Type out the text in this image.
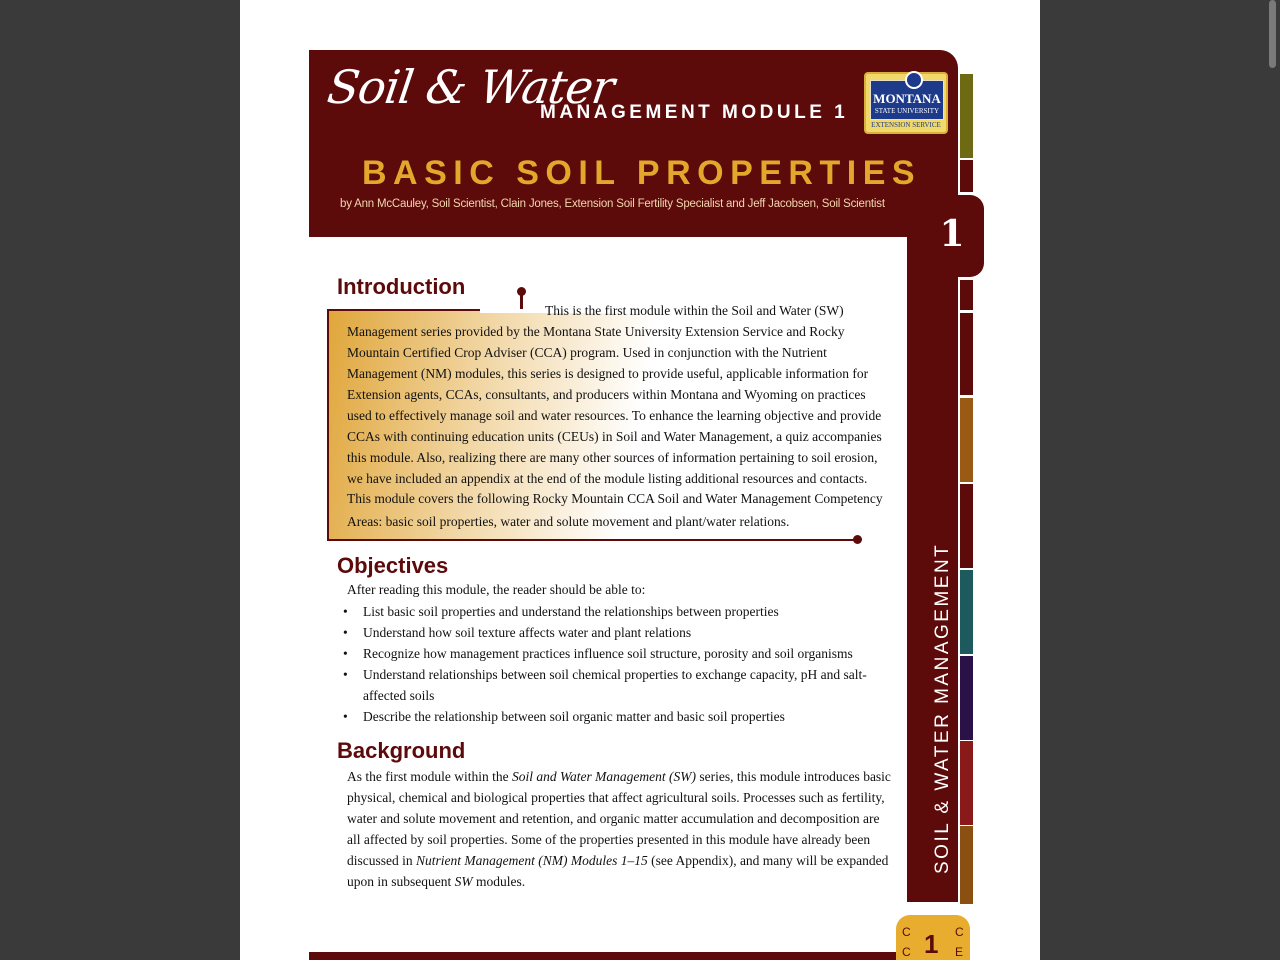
Soil & Water
MANAGEMENT MODULE 1
BASIC SOIL PROPERTIES
by Ann McCauley, Soil Scientist, Clain Jones, Extension Soil Fertility Specialist and Jeff Jacobsen, Soil Scientist
MONTANA
STATE UNIVERSITY
EXTENSION SERVICE
SOIL & WATER MANAGEMENT
1
Introduction
This is the first module within the Soil and Water (SW)
Management series provided by the Montana State University Extension Service and Rocky
Mountain Certified Crop Adviser (CCA) program. Used in conjunction with the Nutrient
Management (NM) modules, this series is designed to provide useful, applicable information for
Extension agents, CCAs, consultants, and producers within Montana and Wyoming on practices
used to effectively manage soil and water resources. To enhance the learning objective and provide
CCAs with continuing education units (CEUs) in Soil and Water Management, a quiz accompanies
this module. Also, realizing there are many other sources of information pertaining to soil erosion,
we have included an appendix at the end of the module listing additional resources and contacts.
This module covers the following Rocky Mountain CCA Soil and Water Management Competency
Areas: basic soil properties, water and solute movement and plant/water relations.
Objectives
After reading this module, the reader should be able to:
• List basic soil properties and understand the relationships between properties
• Understand how soil texture affects water and plant relations
• Recognize how management practices influence soil structure, porosity and soil organisms
• Understand relationships between soil chemical properties to exchange capacity, pH and salt-affected soils
• Describe the relationship between soil organic matter and basic soil properties
Background
As the first module within the Soil and Water Management (SW) series, this module introduces basic physical, chemical and biological properties that affect agricultural soils. Processes such as fertility, water and solute movement and retention, and organic matter accumulation and decomposition are all affected by soil properties. Some of the properties presented in this module have already been discussed in Nutrient Management (NM) Modules 1–15 (see Appendix), and many will be expanded upon in subsequent SW modules.
C
C
C
E
1
